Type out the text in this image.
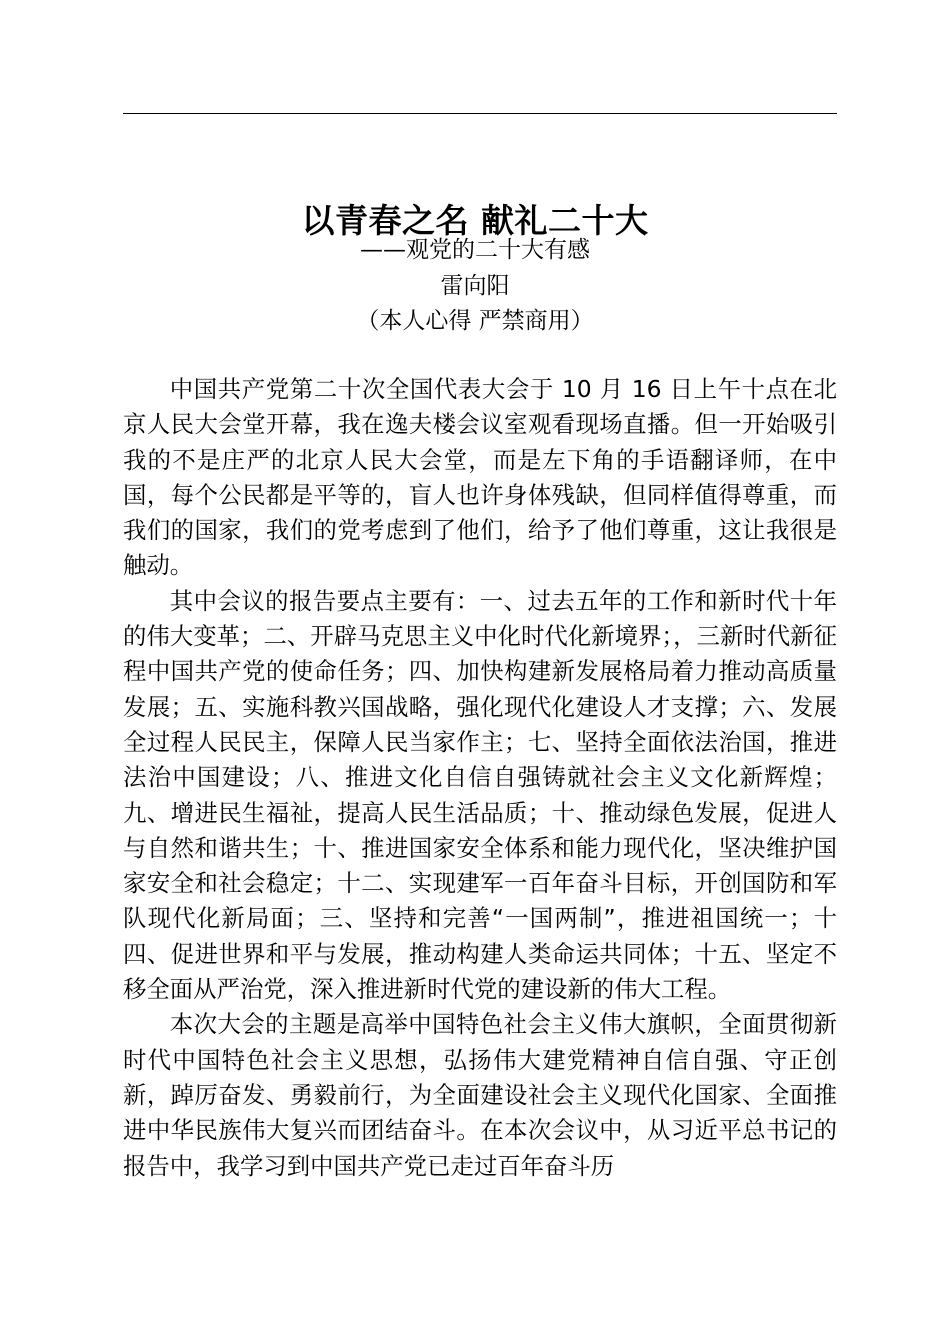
以青春之名 献礼二十大
——观党的二十大有感
雷向阳
（本人心得 严禁商用）

中国共产党第二十次全国代表大会于 10 月 16 日上午十点在北京人民大会堂开幕，我在逸夫楼会议室观看现场直播。但一开始吸引我的不是庄严的北京人民大会堂，而是左下角的手语翻译师，在中国，每个公民都是平等的，盲人也许身体残缺，但同样值得尊重，而我们的国家，我们的党考虑到了他们，给予了他们尊重，这让我很是触动。

其中会议的报告要点主要有：一、过去五年的工作和新时代十年的伟大变革；二、开辟马克思主义中化时代化新境界；，三新时代新征程中国共产党的使命任务；四、加快构建新发展格局着力推动高质量发展；五、实施科教兴国战略，强化现代化建设人才支撑；六、发展全过程人民民主，保障人民当家作主；七、坚持全面依法治国，推进法治中国建设；八、推进文化自信自强铸就社会主义文化新辉煌；九、增进民生福祉，提高人民生活品质；十、推动绿色发展，促进人与自然和谐共生；十、推进国家安全体系和能力现代化，坚决维护国家安全和社会稳定；十二、实现建军一百年奋斗目标，开创国防和军队现代化新局面；三、坚持和完善“一国两制”，推进祖国统一；十四、促进世界和平与发展，推动构建人类命运共同体；十五、坚定不移全面从严治党，深入推进新时代党的建设新的伟大工程。

本次大会的主题是高举中国特色社会主义伟大旗帜，全面贯彻新时代中国特色社会主义思想，弘扬伟大建党精神自信自强、守正创新，踔厉奋发、勇毅前行，为全面建设社会主义现代化国家、全面推进中华民族伟大复兴而团结奋斗。在本次会议中，从习近平总书记的报告中，我学习到中国共产党已走过百年奋斗历
